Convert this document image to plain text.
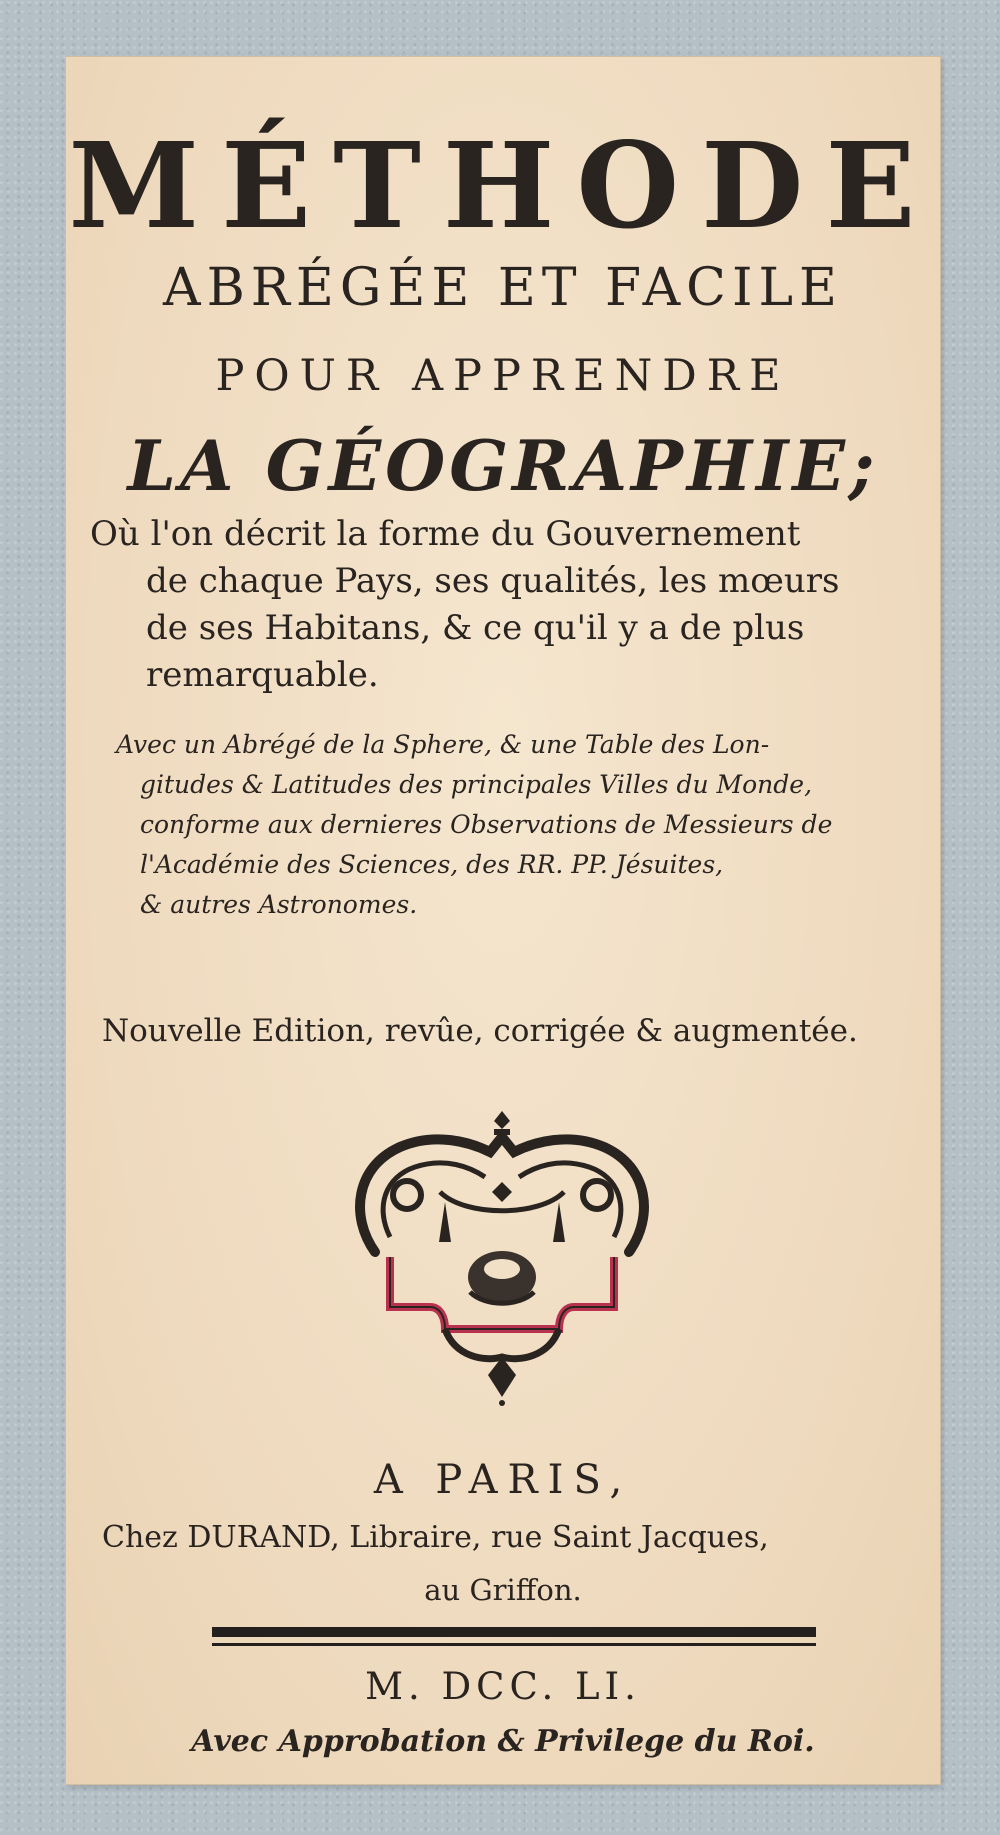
MÉTHODE
ABRÉGÉE ET FACILE
POUR APPRENDRE
LA GÉOGRAPHIE;
Où l'on décrit la forme du Gouvernement
de chaque Pays, ses qualités, les mœurs
de ses Habitans, & ce qu'il y a de plus
remarquable.
Avec un Abrégé de la Sphere, & une Table des Lon-
gitudes & Latitudes des principales Villes du Monde,
conforme aux dernieres Observations de Messieurs de
l'Académie des Sciences, des RR. PP. Jésuites,
& autres Astronomes.
Nouvelle Edition, revûe, corrigée & augmentée.
A PARIS,
Chez DURAND, Libraire, rue Saint Jacques,
au Griffon.
M. DCC. LI.
Avec Approbation & Privilege du Roi.
